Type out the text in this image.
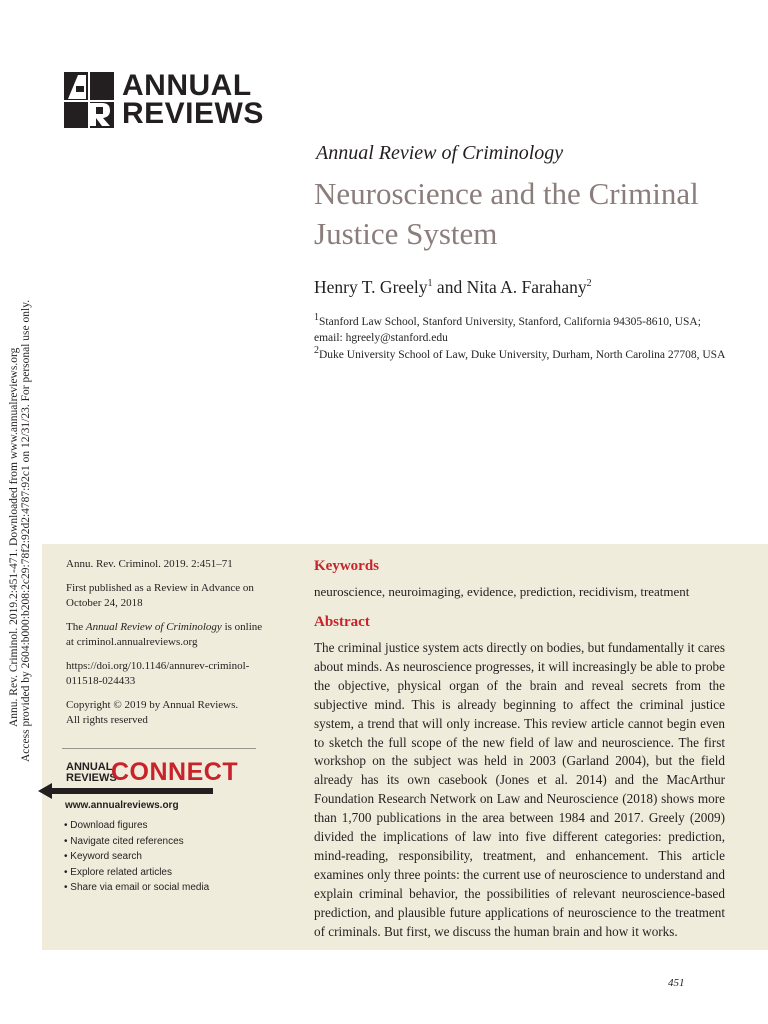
Annu. Rev. Criminol. 2019.2:451-471. Downloaded from www.annualreviews.org Access provided by 2604:b000:b208:2c29:78f2:92d2:4787:92c1 on 12/31/23. For personal use only.
ANNUAL
REVIEWS
Annual Review of Criminology
Neuroscience and the Criminal Justice System
Henry T. Greely$^1$ and Nita A. Farahany$^2$
$^1$Stanford Law School, Stanford University, Stanford, California 94305-8610, USA;
email: hgreely@stanford.edu
$^2$Duke University School of Law, Duke University, Durham, North Carolina 27708, USA

Annu. Rev. Criminol. 2019. 2:451–71

First published as a Review in Advance on October 24, 2018

The Annual Review of Criminology is online at criminol.annualreviews.org

https://doi.org/10.1146/annurev-criminol-011518-024433

Copyright © 2019 by Annual Reviews.
All rights reserved

ANNUAL
REVIEWS
CONNECT
www.annualreviews.org
• Download figures
• Navigate cited references
• Keyword search
• Explore related articles
• Share via email or social media
Keywords
neuroscience, neuroimaging, evidence, prediction, recidivism, treatment
Abstract

The criminal justice system acts directly on bodies, but fundamentally it cares about minds. As neuroscience progresses, it will increasingly be able to probe the objective, physical organ of the brain and reveal secrets from the subjective mind. This is already beginning to affect the criminal justice system, a trend that will only increase. This review article cannot begin even to sketch the full scope of the new field of law and neuroscience. The first workshop on the subject was held in 2003 (Garland 2004), but the field already has its own casebook (Jones et al. 2014) and the MacArthur Foundation Research Network on Law and Neuroscience (2018) shows more than 1,700 publications in the area between 1984 and 2017. Greely (2009) divided the implications of law into five different categories: prediction, mind-reading, responsibility, treatment, and enhancement. This article examines only three points: the current use of neuroscience to understand and explain criminal behavior, the possibilities of relevant neuroscience-based prediction, and plausible future applications of neuroscience to the treatment of criminals. But first, we discuss the human brain and how it works.

451
